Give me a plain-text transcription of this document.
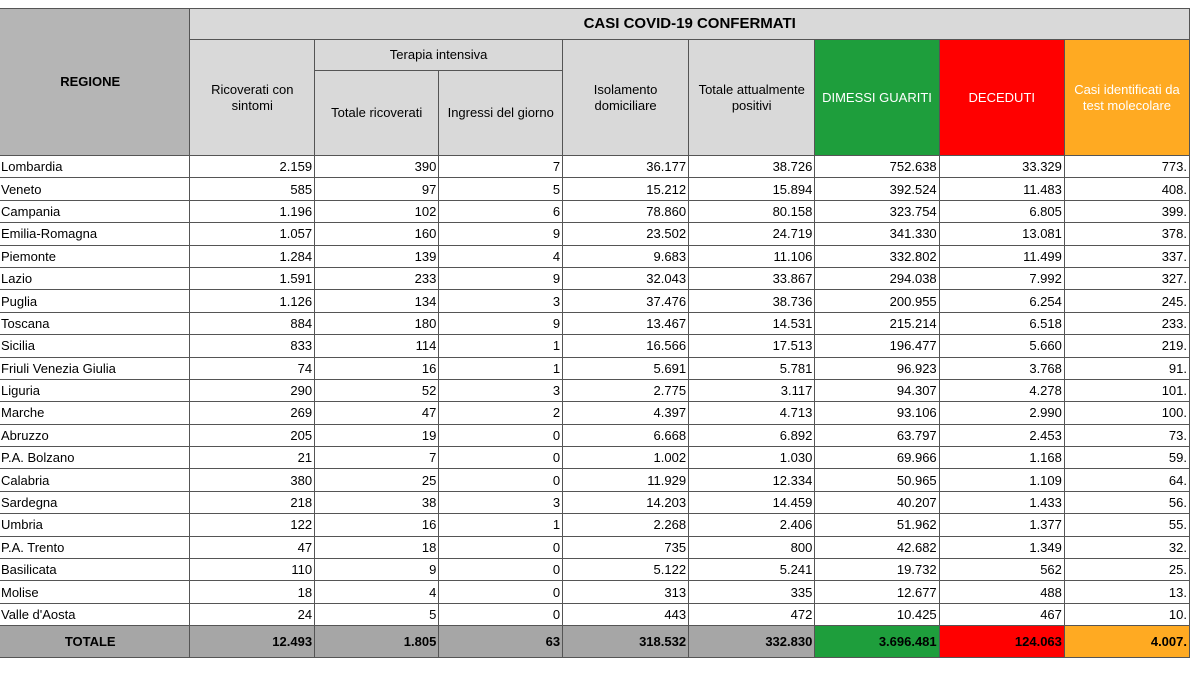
REGIONE	CASI COVID-19 CONFERMATI							
	Ricoverati con sintomi	Terapia intensiva		Isolamento domiciliare	Totale attualmente positivi	DIMESSI GUARITI	DECEDUTI	Casi identificati da test molecolare
		Totale ricoverati	Ingressi del giorno					
Lombardia	2.159	390	7	36.177	38.726	752.638	33.329	773.
Veneto	585	97	5	15.212	15.894	392.524	11.483	408.
Campania	1.196	102	6	78.860	80.158	323.754	6.805	399.
Emilia-Romagna	1.057	160	9	23.502	24.719	341.330	13.081	378.
Piemonte	1.284	139	4	9.683	11.106	332.802	11.499	337.
Lazio	1.591	233	9	32.043	33.867	294.038	7.992	327.
Puglia	1.126	134	3	37.476	38.736	200.955	6.254	245.
Toscana	884	180	9	13.467	14.531	215.214	6.518	233.
Sicilia	833	114	1	16.566	17.513	196.477	5.660	219.
Friuli Venezia Giulia	74	16	1	5.691	5.781	96.923	3.768	91.
Liguria	290	52	3	2.775	3.117	94.307	4.278	101.
Marche	269	47	2	4.397	4.713	93.106	2.990	100.
Abruzzo	205	19	0	6.668	6.892	63.797	2.453	73.
P.A. Bolzano	21	7	0	1.002	1.030	69.966	1.168	59.
Calabria	380	25	0	11.929	12.334	50.965	1.109	64.
Sardegna	218	38	3	14.203	14.459	40.207	1.433	56.
Umbria	122	16	1	2.268	2.406	51.962	1.377	55.
P.A. Trento	47	18	0	735	800	42.682	1.349	32.
Basilicata	110	9	0	5.122	5.241	19.732	562	25.
Molise	18	4	0	313	335	12.677	488	13.
Valle d'Aosta	24	5	0	443	472	10.425	467	10.
TOTALE	12.493	1.805	63	318.532	332.830	3.696.481	124.063	4.007.
